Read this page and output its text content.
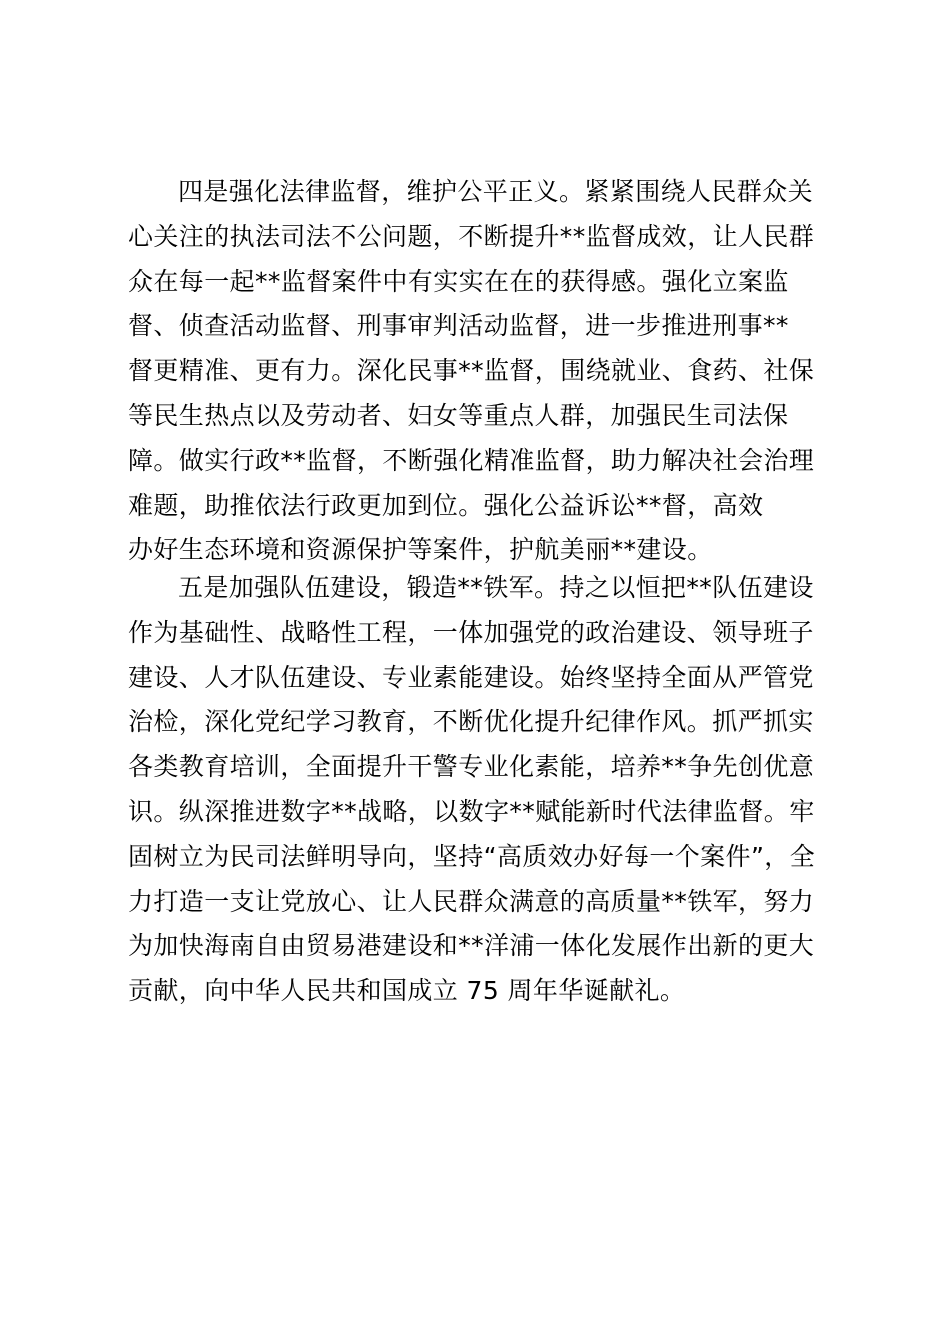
四是强化法律监督，维护公平正义。紧紧围绕人民群众关
心关注的执法司法不公问题，不断提升**监督成效，让人民群
众在每一起**监督案件中有实实在在的获得感。强化立案监
督、侦查活动监督、刑事审判活动监督，进一步推进刑事**
督更精准、更有力。深化民事**监督，围绕就业、食药、社保
等民生热点以及劳动者、妇女等重点人群，加强民生司法保
障。做实行政**监督，不断强化精准监督，助力解决社会治理
难题，助推依法行政更加到位。强化公益诉讼**督，高效
办好生态环境和资源保护等案件，护航美丽**建设。

五是加强队伍建设，锻造**铁军。持之以恒把**队伍建设
作为基础性、战略性工程，一体加强党的政治建设、领导班子
建设、人才队伍建设、专业素能建设。始终坚持全面从严管党
治检，深化党纪学习教育，不断优化提升纪律作风。抓严抓实
各类教育培训，全面提升干警专业化素能，培养**争先创优意
识。纵深推进数字**战略，以数字**赋能新时代法律监督。牢
固树立为民司法鲜明导向，坚持“高质效办好每一个案件”，全
力打造一支让党放心、让人民群众满意的高质量**铁军，努力
为加快海南自由贸易港建设和**洋浦一体化发展作出新的更大
贡献，向中华人民共和国成立 75 周年华诞献礼。
